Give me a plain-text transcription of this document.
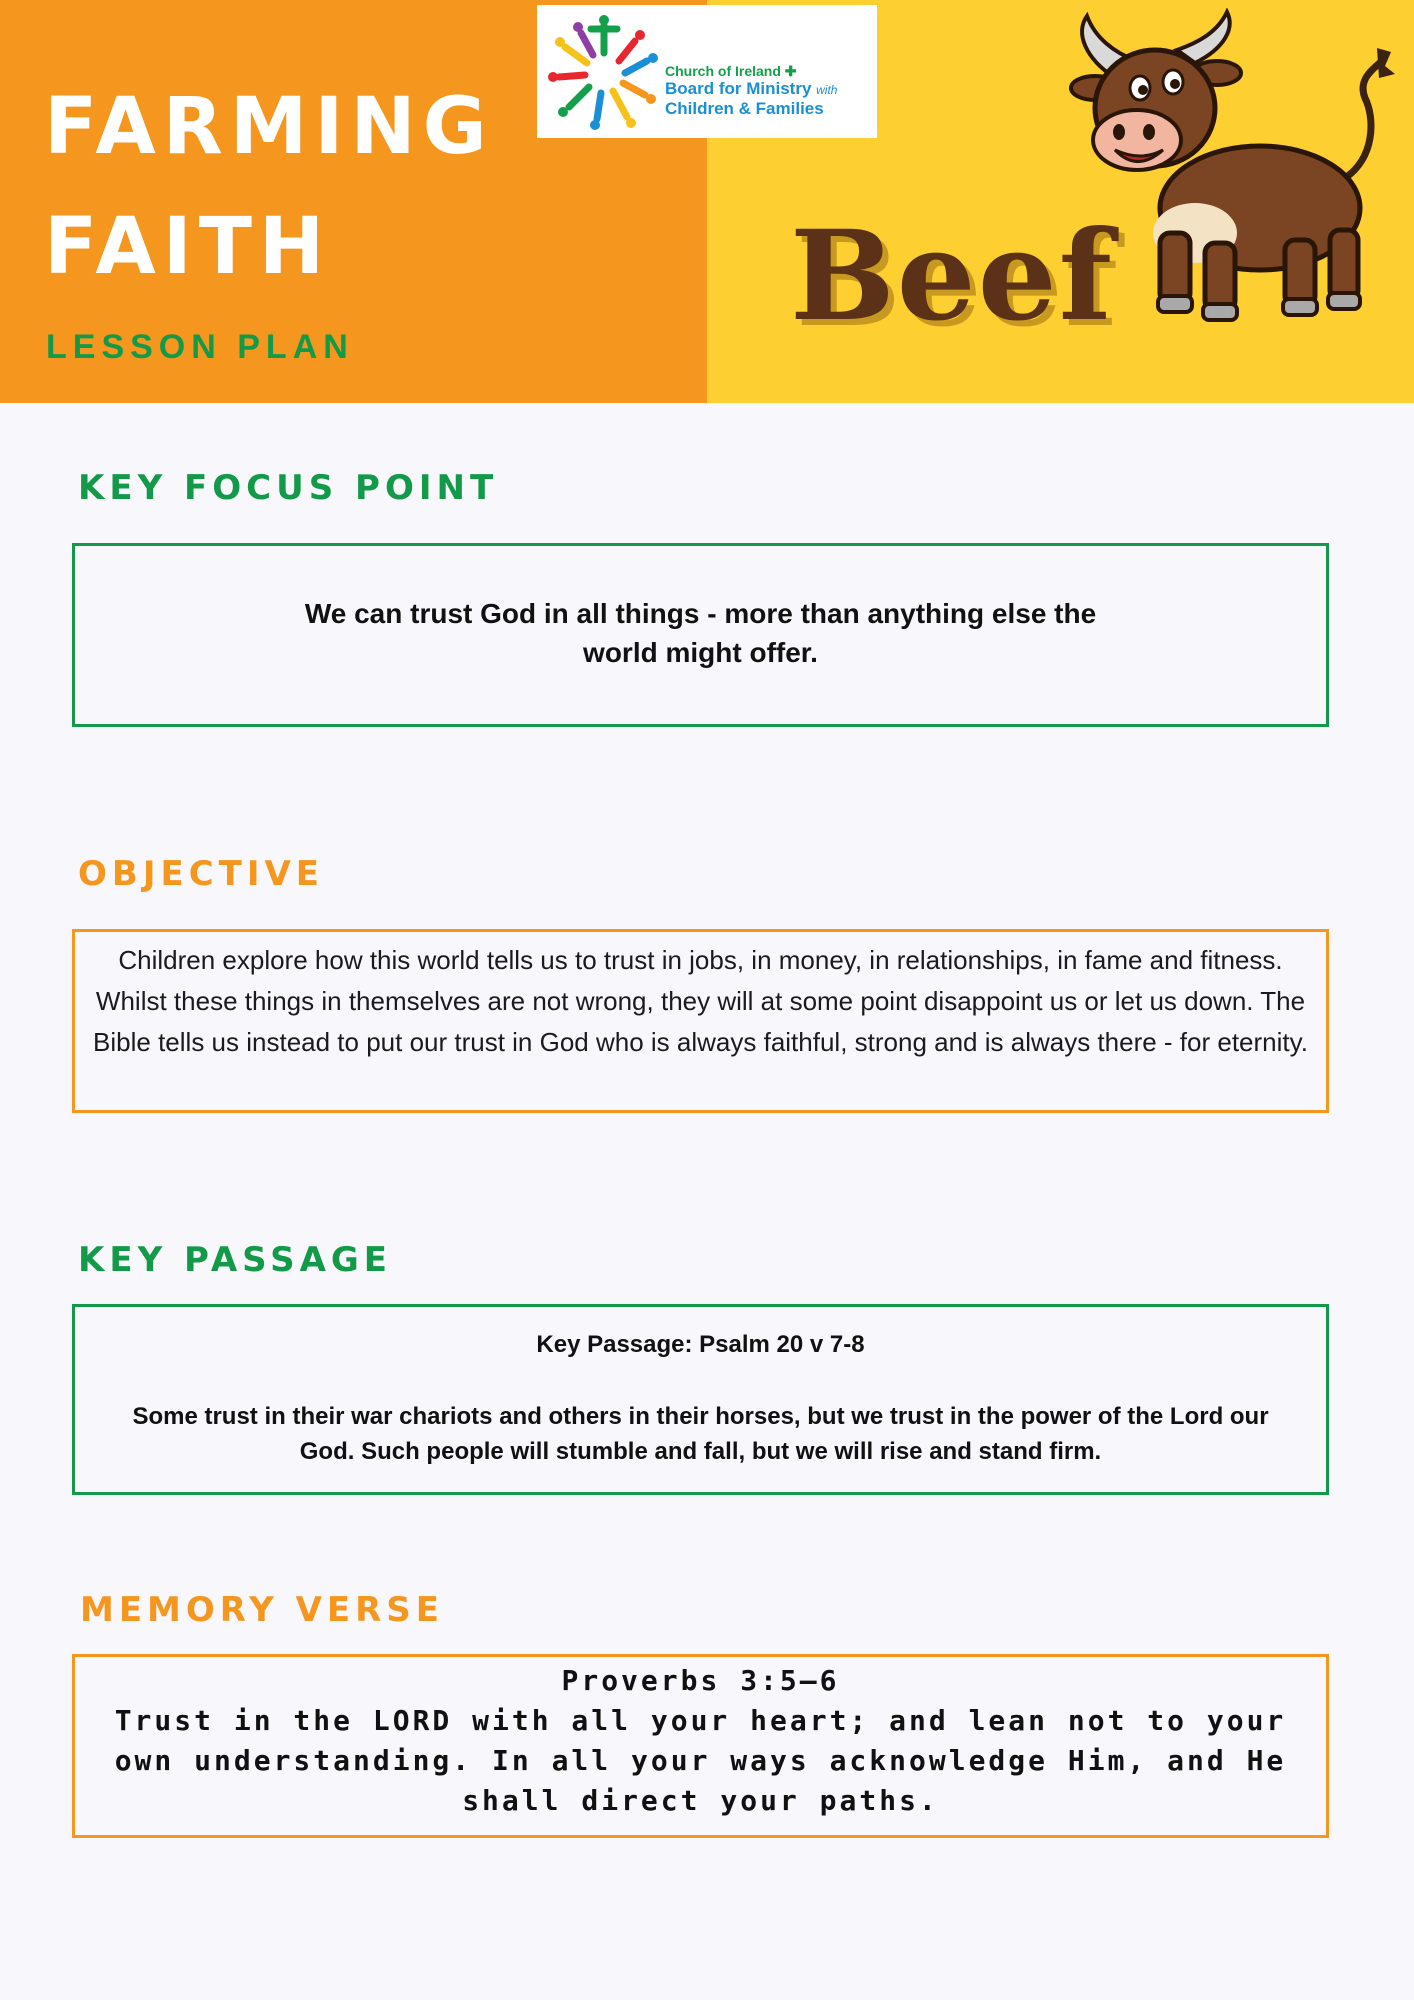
FARMING
FAITH
LESSON PLAN
Church of Ireland ✚
Board for Ministry with
Children & Families
Beef
KEY FOCUS POINT
We can trust God in all things - more than anything else the world might offer.
OBJECTIVE
Children explore how this world tells us to trust in jobs, in money, in relationships, in fame and fitness. Whilst these things in themselves are not wrong, they will at some point disappoint us or let us down. The Bible tells us instead to put our trust in God who is always faithful, strong and is always there - for eternity.
KEY PASSAGE
Key Passage: Psalm 20 v 7-8
Some trust in their war chariots and others in their horses, but we trust in the power of the Lord our God. Such people will stumble and fall, but we will rise and stand firm.
MEMORY VERSE
Proverbs 3:5–6
Trust in the LORD with all your heart; and lean not to your own understanding. In all your ways acknowledge Him, and He shall direct your paths.
